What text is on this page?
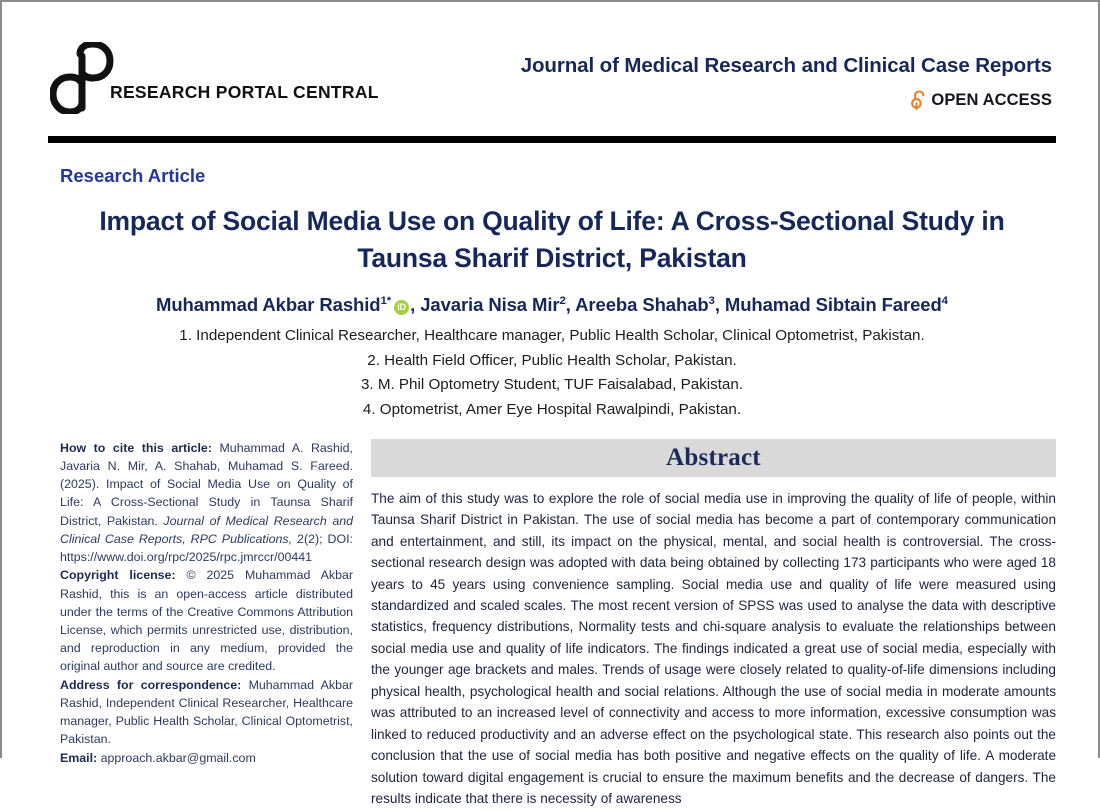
RESEARCH PORTAL CENTRAL
Journal of Medical Research and Clinical Case Reports
OPEN ACCESS
Research Article
Impact of Social Media Use on Quality of Life: A Cross-Sectional Study in Taunsa Sharif District, Pakistan
Muhammad Akbar Rashid$^{1*}$iD , Javaria Nisa Mir$^2$, Areeba Shahab$^3$, Muhamad Sibtain Fareed$^4$
1. Independent Clinical Researcher, Healthcare manager, Public Health Scholar, Clinical Optometrist, Pakistan.
2. Health Field Officer, Public Health Scholar, Pakistan.
3. M. Phil Optometry Student, TUF Faisalabad, Pakistan.
4. Optometrist, Amer Eye Hospital Rawalpindi, Pakistan.

How to cite this article: Muhammad A. Rashid, Javaria N. Mir, A. Shahab, Muhamad S. Fareed. (2025). Impact of Social Media Use on Quality of Life: A Cross-Sectional Study in Taunsa Sharif District, Pakistan. Journal of Medical Research and Clinical Case Reports, RPC Publications, 2(2); DOI: https://www.doi.org/rpc/2025/rpc.jmrccr/00441

Copyright license: © 2025 Muhammad Akbar Rashid, this is an open-access article distributed under the terms of the Creative Commons Attribution License, which permits unrestricted use, distribution, and reproduction in any medium, provided the original author and source are credited.

Address for correspondence: Muhammad Akbar Rashid, Independent Clinical Researcher, Healthcare manager, Public Health Scholar, Clinical Optometrist, Pakistan.

Email: approach.akbar@gmail.com

Abstract
The aim of this study was to explore the role of social media use in improving the quality of life of people, within Taunsa Sharif District in Pakistan. The use of social media has become a part of contemporary communication and entertainment, and still, its impact on the physical, mental, and social health is controversial. The cross-sectional research design was adopted with data being obtained by collecting 173 participants who were aged 18 years to 45 years using convenience sampling. Social media use and quality of life were measured using standardized and scaled scales. The most recent version of SPSS was used to analyse the data with descriptive statistics, frequency distributions, Normality tests and chi-square analysis to evaluate the relationships between social media use and quality of life indicators. The findings indicated a great use of social media, especially with the younger age brackets and males. Trends of usage were closely related to quality-of-life dimensions including physical health, psychological health and social relations. Although the use of social media in moderate amounts was attributed to an increased level of connectivity and access to more information, excessive consumption was linked to reduced productivity and an adverse effect on the psychological state. This research also points out the conclusion that the use of social media has both positive and negative effects on the quality of life. A moderate solution toward digital engagement is crucial to ensure the maximum benefits and the decrease of dangers. The results indicate that there is necessity of awareness
